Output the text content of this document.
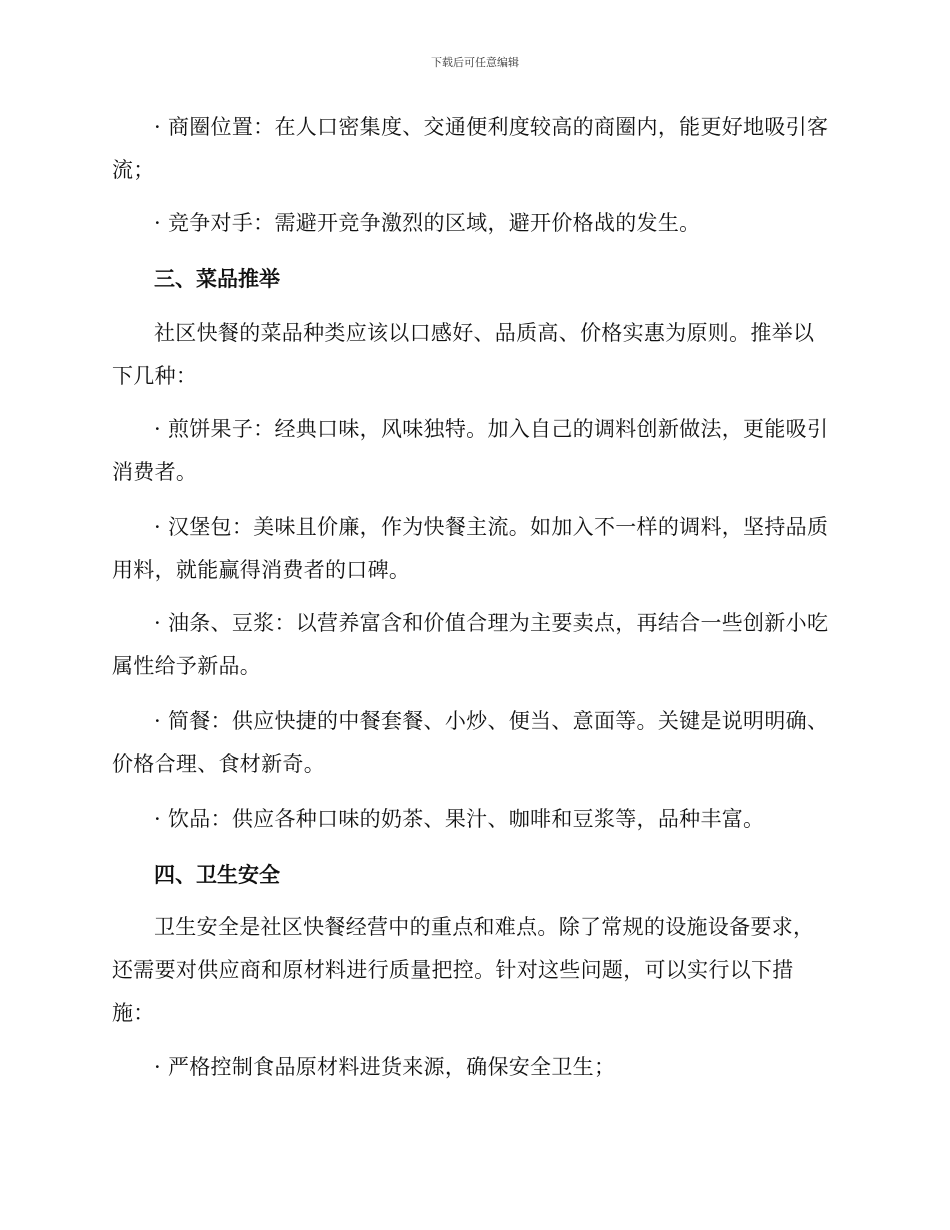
下载后可任意编辑

· 商圈位置：在人口密集度、交通便利度较高的商圈内，能更好地吸引客流；

· 竞争对手：需避开竞争激烈的区域，避开价格战的发生。

三、菜品推举

社区快餐的菜品种类应该以口感好、品质高、价格实惠为原则。推举以下几种：

· 煎饼果子：经典口味，风味独特。加入自己的调料创新做法，更能吸引消费者。

· 汉堡包：美味且价廉，作为快餐主流。如加入不一样的调料，坚持品质用料，就能赢得消费者的口碑。

· 油条、豆浆：以营养富含和价值合理为主要卖点，再结合一些创新小吃属性给予新品。

· 简餐：供应快捷的中餐套餐、小炒、便当、意面等。关键是说明明确、价格合理、食材新奇。

· 饮品：供应各种口味的奶茶、果汁、咖啡和豆浆等，品种丰富。

四、卫生安全

卫生安全是社区快餐经营中的重点和难点。除了常规的设施设备要求，还需要对供应商和原材料进行质量把控。针对这些问题，可以实行以下措施：

· 严格控制食品原材料进货来源，确保安全卫生；
